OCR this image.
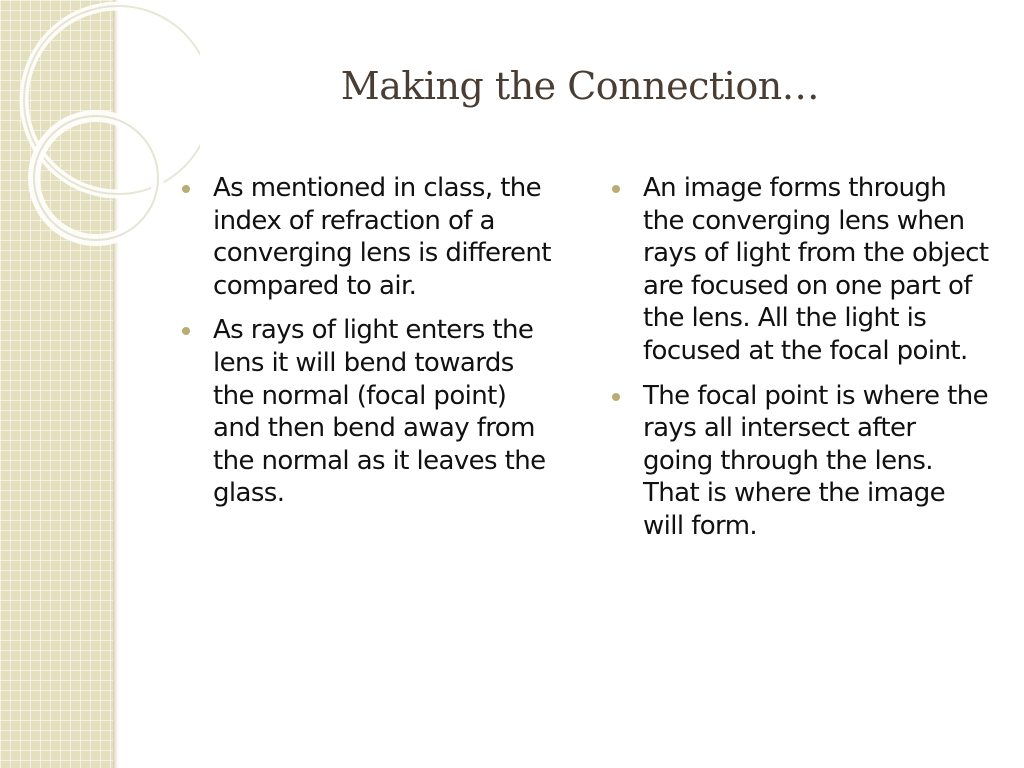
Making the Connection…
As mentioned in class, the index of refraction of a converging lens is different compared to air.
As rays of light enters the lens it will bend towards the normal (focal point) and then bend away from the normal as it leaves the glass.
An image forms through the converging lens when rays of light from the object are focused on one part of the lens. All the light is focused at the focal point.
The focal point is where the rays all intersect after going through the lens. That is where the image will form.
